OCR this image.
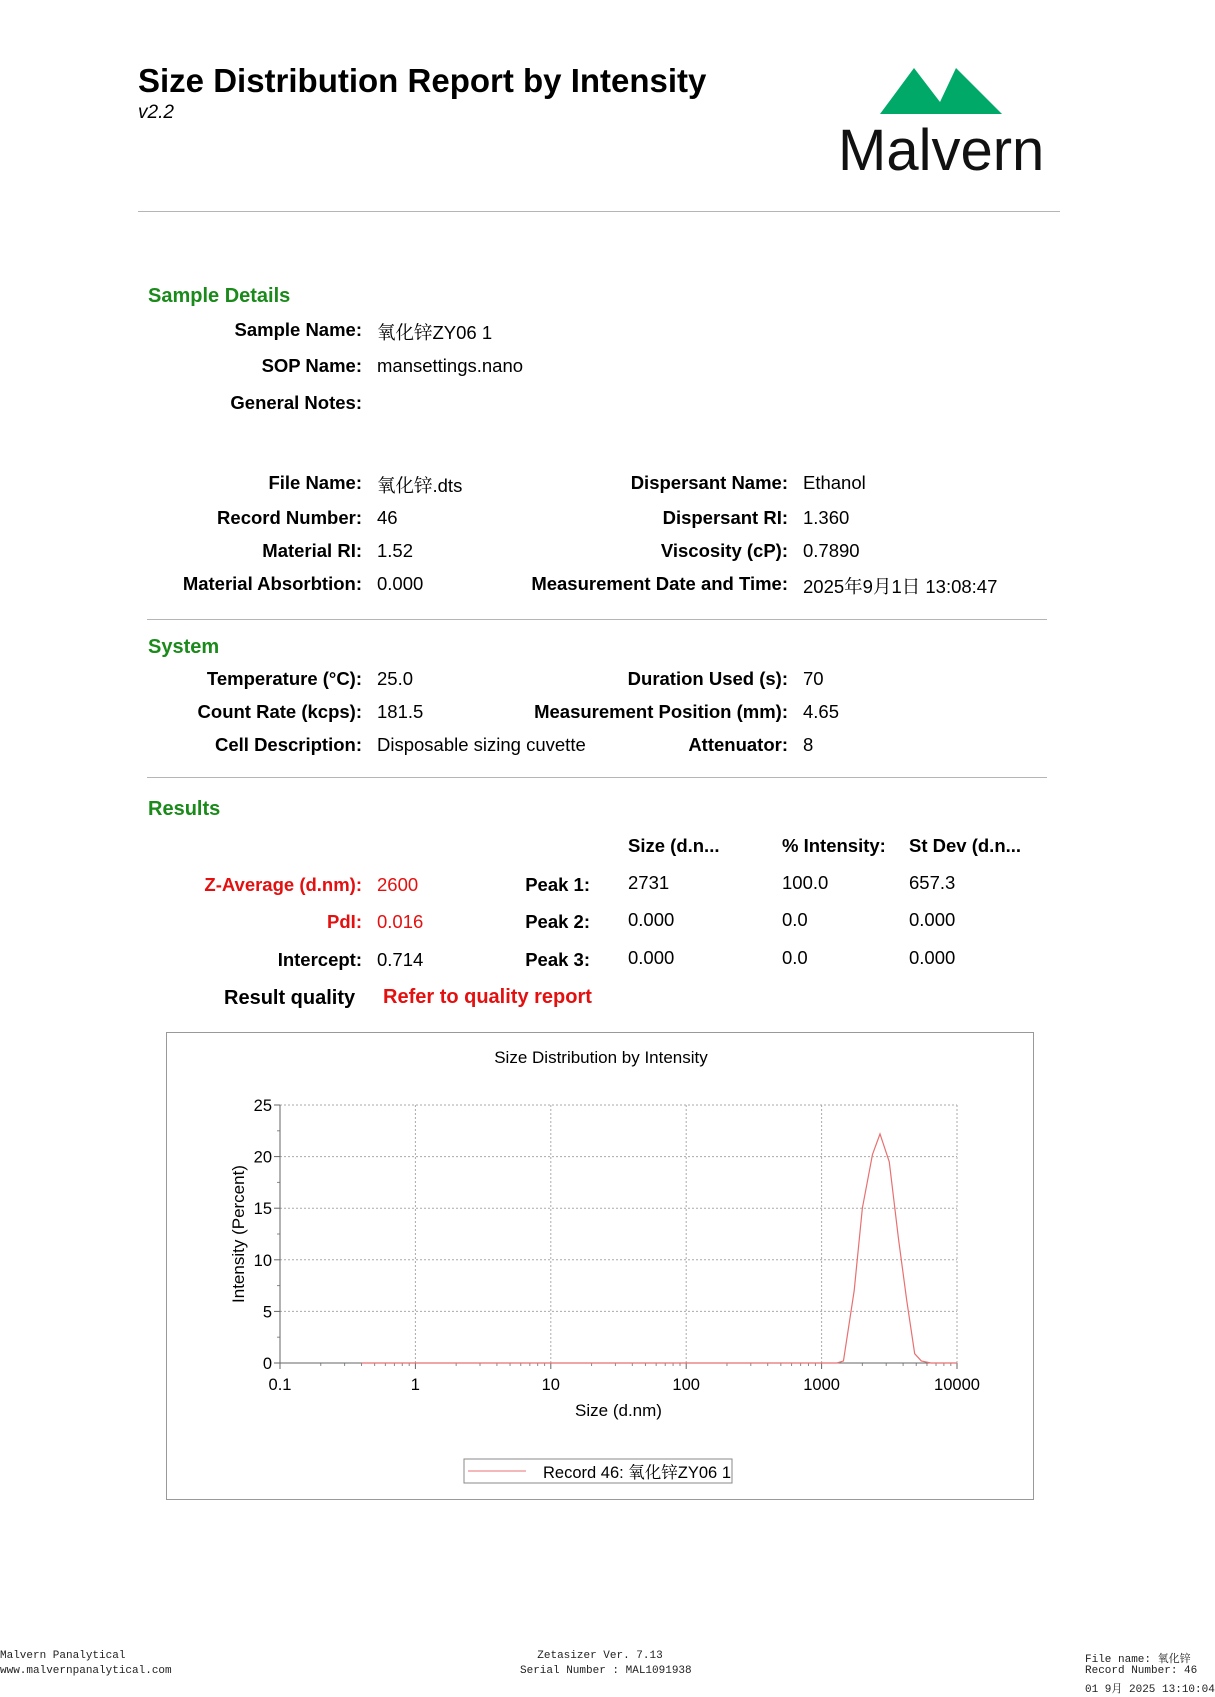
Size Distribution Report by Intensity
v2.2
Malvern
Sample Details
Sample Name: 氧化锌ZY06 1
SOP Name: mansettings.nano
General Notes:
File Name: 氧化锌.dts	Dispersant Name: Ethanol
Record Number: 46	Dispersant RI: 1.360
Material RI: 1.52	Viscosity (cP): 0.7890
Material Absorbtion: 0.000	Measurement Date and Time: 2025年9月1日 13:08:47
System
Temperature (°C): 25.0	Duration Used (s): 70
Count Rate (kcps): 181.5	Measurement Position (mm): 4.65
Cell Description: Disposable sizing cuvette	Attenuator: 8
Results
Size (d.n...	% Intensity: St Dev (d.n...
Z-Average (d.nm): 2600	Peak 1: 2731	100.0	657.3
PdI: 0.016	Peak 2: 0.000	0.0	0.000
Intercept: 0.714	Peak 3: 0.000	0.0	0.000
Result quality Refer to quality report
Size Distribution by Intensity
0.1	1	10	100	1000	10000
0
5
10
15
20
25
Size (d.nm)
Intensity (Percent)
Record 46: 氧化锌ZY06 1
Malvern Panalytical
www.malvernpanalytical.com
Zetasizer Ver. 7.13
Serial Number : MAL1091938
File name: 氧化锌
Record Number: 46
01 9月 2025 13:10:04
